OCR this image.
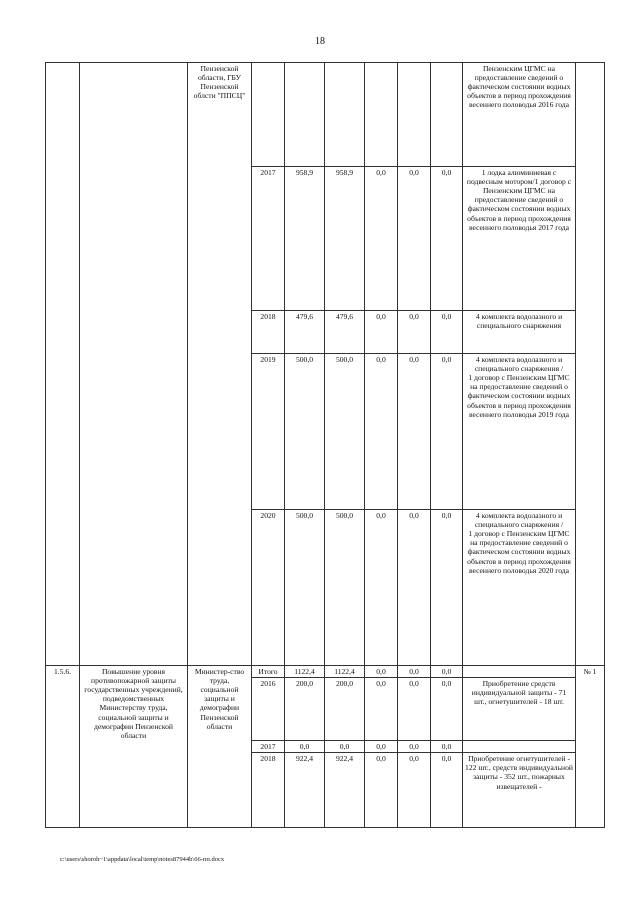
18
		Пензенской области, ГБУ Пензенской облсти "ППСЦ"							Пензенским ЦГМС на предоставление сведений о фактическом состоянии водных объектов в период прохождения весеннего половодья 2016 года	
			2017	958,9	958,9	0,0	0,0	0,0	1 лодка алюминиевая с подвесным мотором/1 договор с Пензенским ЦГМС на предоставление сведений о фактическом состоянии водных объектов в период прохождения весеннего половодья 2017 года	
			2018	479,6	479,6	0,0	0,0	0,0	4 комплекта водолазного и специального снаряжения	
			2019	500,0	500,0	0,0	0,0	0,0	4 комплекта водолазного и специального снаряжения /
1 договор с Пензенским ЦГМС на предоставление сведений о фактическом состоянии водных объектов в период прохождения весеннего половодья 2019 года	
			2020	500,0	500,0	0,0	0,0	0,0	4 комплекта водолазного и специального снаряжения /
1 договор с Пензенским ЦГМС на предоставление сведений о фактическом состоянии водных объектов в период прохождения весеннего половодья 2020 года	
1.5.6.	Повышение уровня противопожарной защиты государственных учреждений, подведомственных Министерству труда, социальной защиты и демографии Пензенской области	Министер-ство труда, социальной защиты и демографии Пензенской области	Итого	1122,4	1122,4	0,0	0,0	0,0		№ 1
			2016	200,0	200,0	0,0	0,0	0,0	Приобретение средств индивидуальной защиты - 71 шт., огнетушителей - 18 шт.	
			2017	0,0	0,0	0,0	0,0	0,0		
			2018	922,4	922,4	0,0	0,0	0,0	Приобретение огнетушителей - 122 шт., средств индивидуальной защиты - 352 шт., пожарных извещателей -	
c:\users\shoroh~1\appdata\local\temp\notes87944b\66-пп.docx
